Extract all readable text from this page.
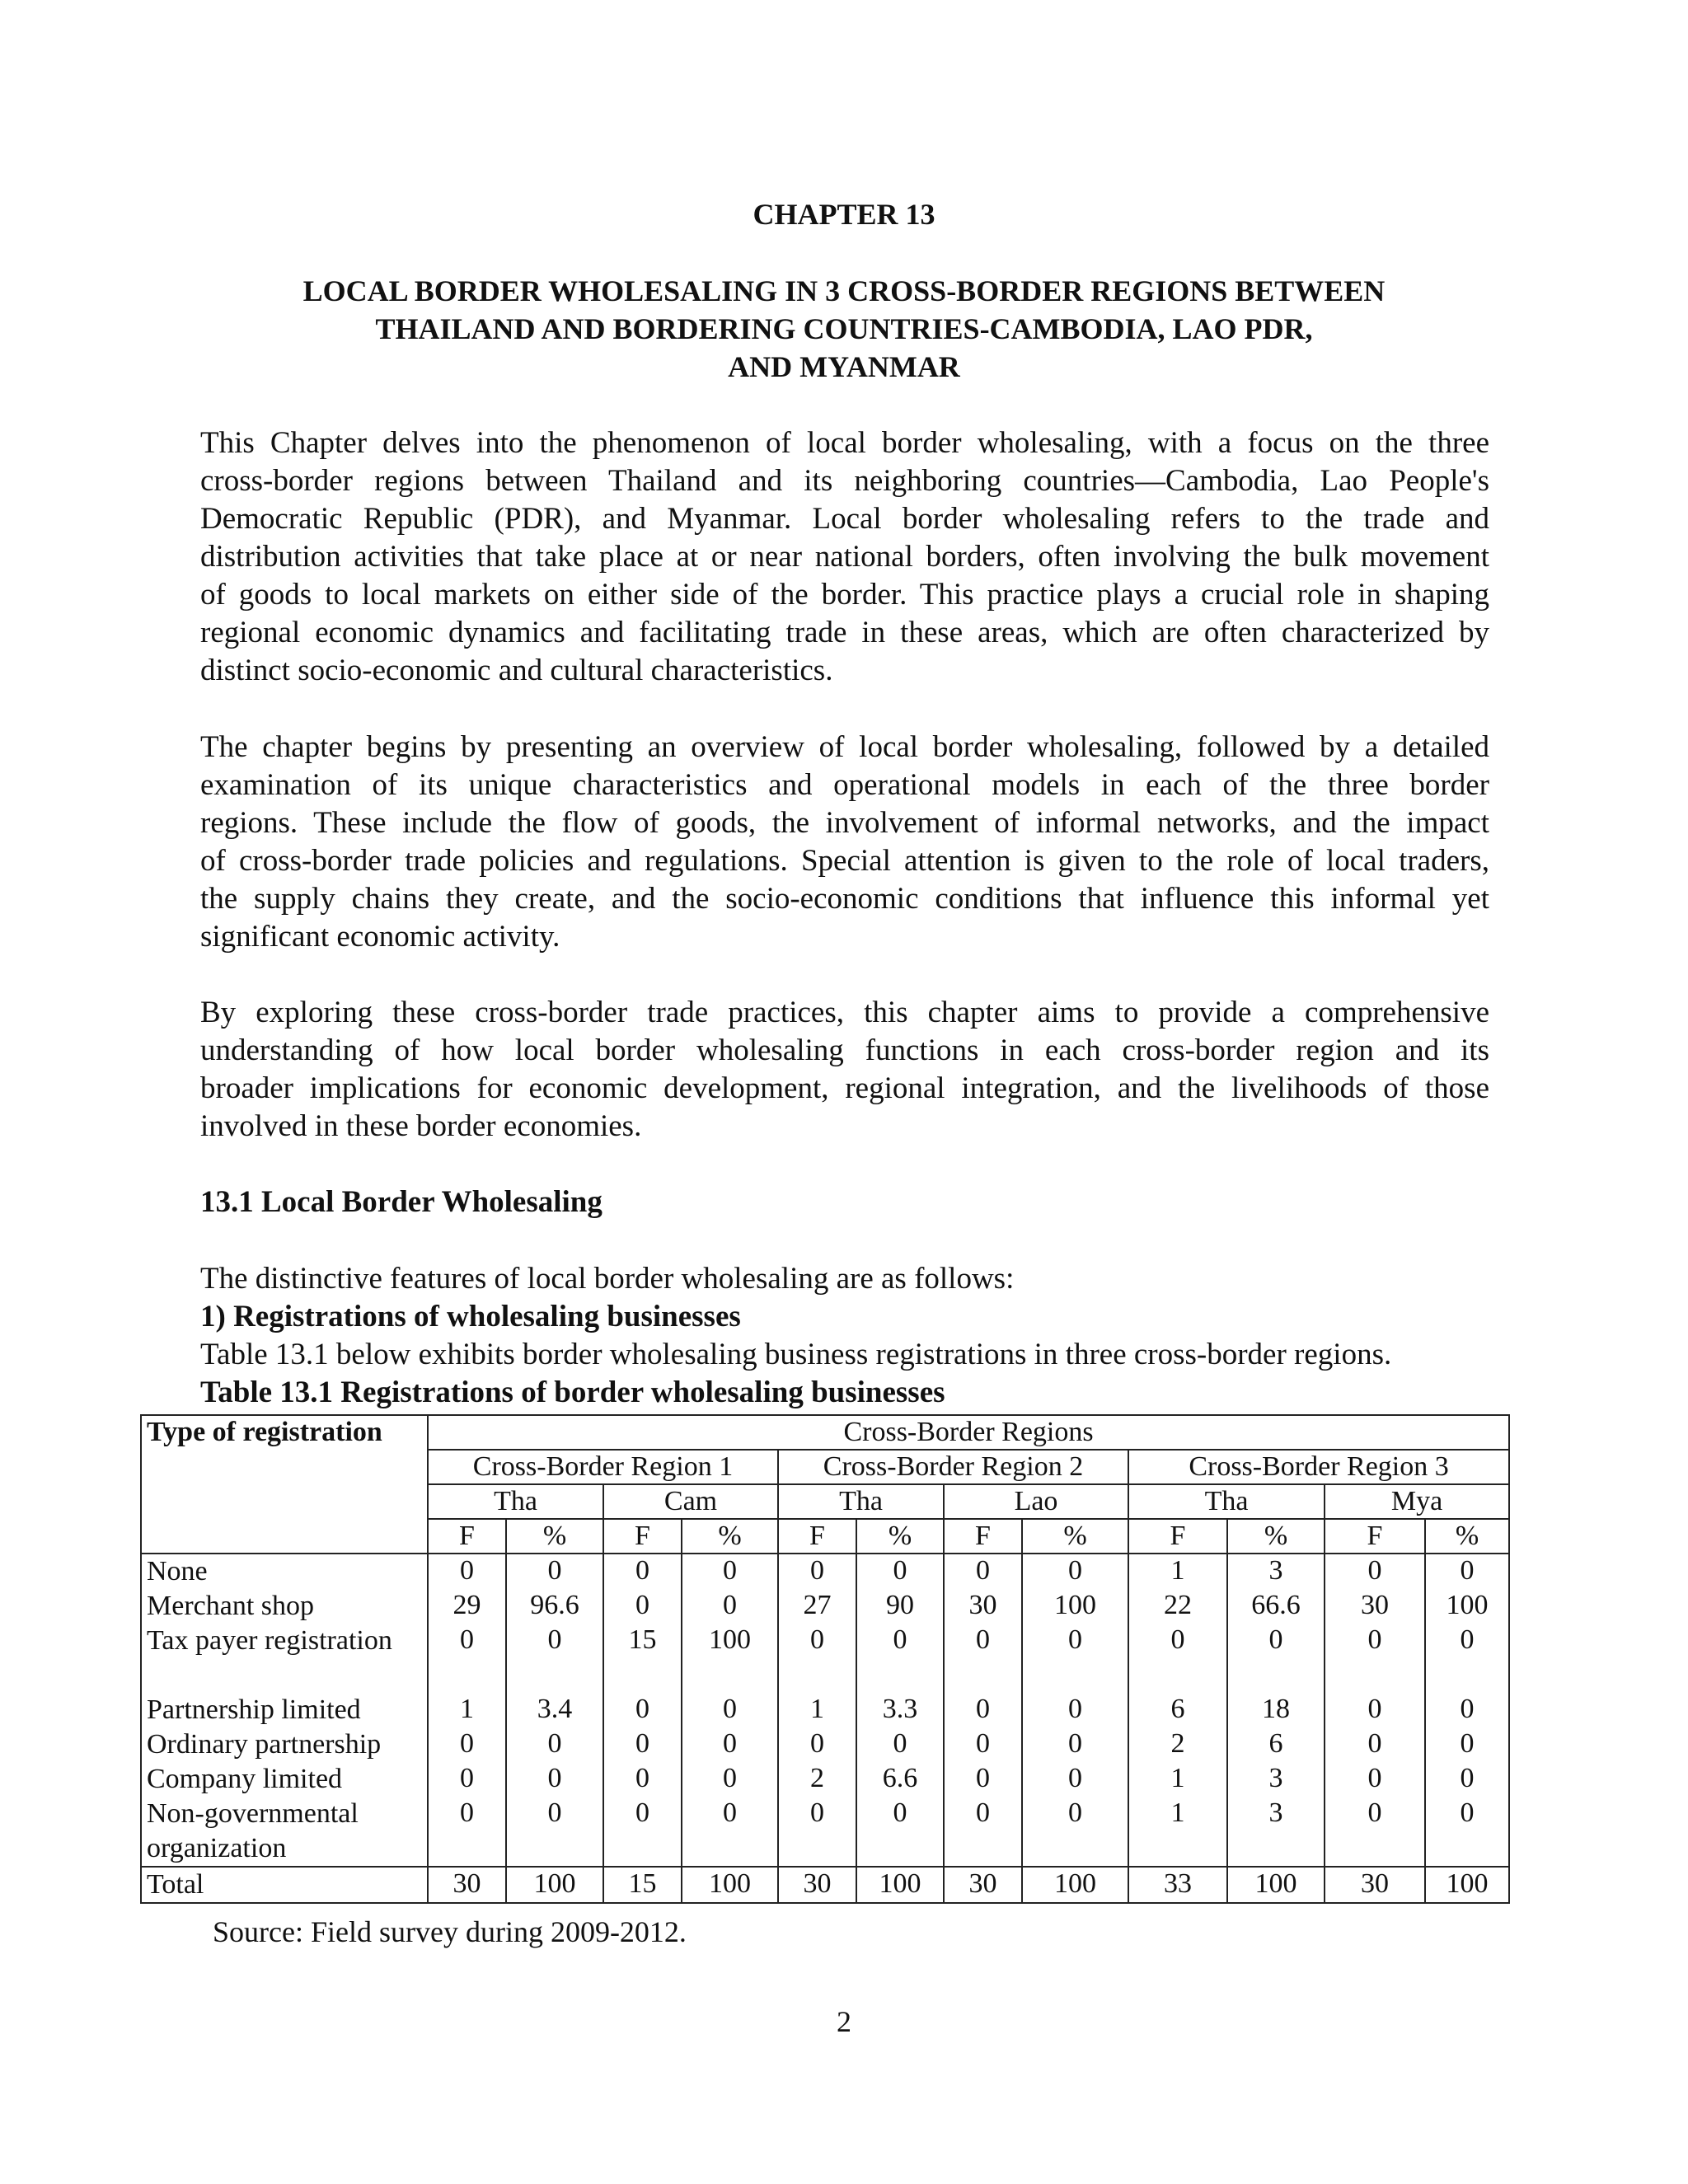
CHAPTER 13
LOCAL BORDER WHOLESALING IN 3 CROSS-BORDER REGIONS BETWEEN
THAILAND AND BORDERING COUNTRIES-CAMBODIA, LAO PDR,
AND MYANMAR
This Chapter delves into the phenomenon of local border wholesaling, with a focus on the three
cross-border regions between Thailand and its neighboring countries—Cambodia, Lao People's
Democratic Republic (PDR), and Myanmar. Local border wholesaling refers to the trade and
distribution activities that take place at or near national borders, often involving the bulk movement
of goods to local markets on either side of the border. This practice plays a crucial role in shaping
regional economic dynamics and facilitating trade in these areas, which are often characterized by
distinct socio-economic and cultural characteristics.
The chapter begins by presenting an overview of local border wholesaling, followed by a detailed
examination of its unique characteristics and operational models in each of the three border
regions. These include the flow of goods, the involvement of informal networks, and the impact
of cross-border trade policies and regulations. Special attention is given to the role of local traders,
the supply chains they create, and the socio-economic conditions that influence this informal yet
significant economic activity.
By exploring these cross-border trade practices, this chapter aims to provide a comprehensive
understanding of how local border wholesaling functions in each cross-border region and its
broader implications for economic development, regional integration, and the livelihoods of those
involved in these border economies.
13.1 Local Border Wholesaling
The distinctive features of local border wholesaling are as follows:
1) Registrations of wholesaling businesses
Table 13.1 below exhibits border wholesaling business registrations in three cross-border regions.
Table 13.1 Registrations of border wholesaling businesses
Type of registration	Cross-Border Regions											
	Cross-Border Region 1				Cross-Border Region 2				Cross-Border Region 3			
	Tha		Cam		Tha		Lao		Tha		Mya	
	F	%	F	%	F	%	F	%	F	%	F	%
None	0	0	0	0	0	0	0	0	1	3	0	0
Merchant shop	29	96.6	0	0	27	90	30	100	22	66.6	30	100
Tax payer registration	0	0	15	100	0	0	0	0	0	0	0	0
Partnership limited	1	3.4	0	0	1	3.3	0	0	6	18	0	0
Ordinary partnership	0	0	0	0	0	0	0	0	2	6	0	0
Company limited	0	0	0	0	2	6.6	0	0	1	3	0	0
Non-governmental organization	0	0	0	0	0	0	0	0	1	3	0	0
Total	30	100	15	100	30	100	30	100	33	100	30	100
Source: Field survey during 2009-2012.
2
